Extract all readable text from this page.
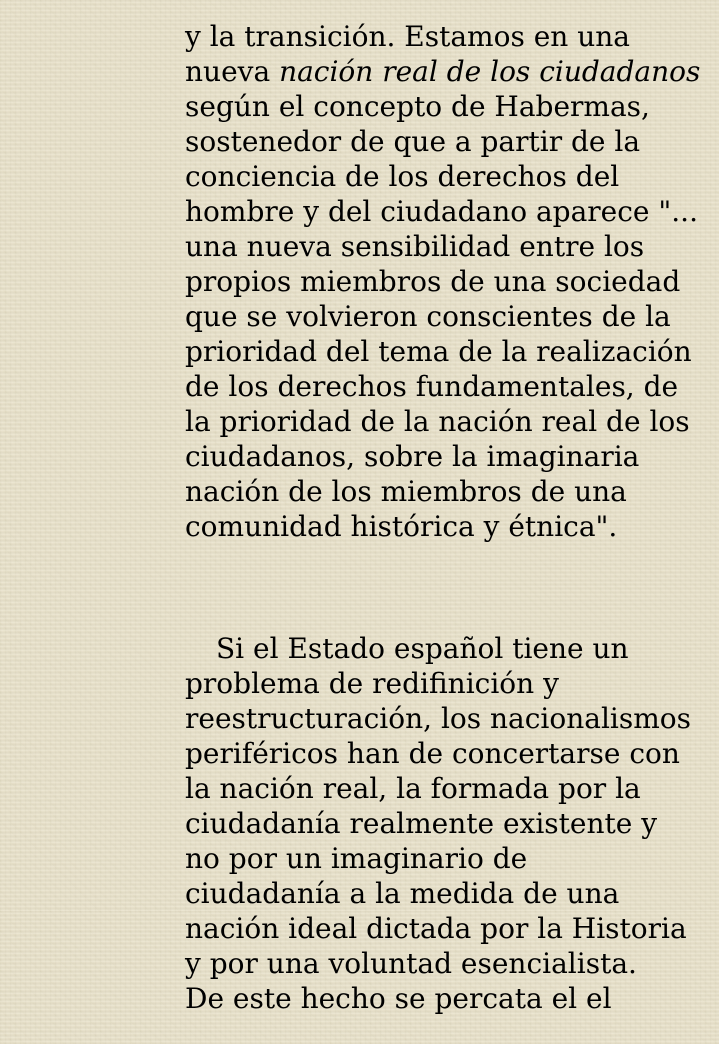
y la transición. Estamos en una
nueva nación real de los ciudadanos
según el concepto de Habermas,
sostenedor de que a partir de la
conciencia de los derechos del
hombre y del ciudadano aparece "...
una nueva sensibilidad entre los
propios miembros de una sociedad
que se volvieron conscientes de la
prioridad del tema de la realización
de los derechos fundamentales, de
la prioridad de la nación real de los
ciudadanos, sobre la imaginaria
nación de los miembros de una
comunidad histórica y étnica".

Si el Estado español tiene un
problema de redifinición y
reestructuración, los nacionalismos
periféricos han de concertarse con
la nación real, la formada por la
ciudadanía realmente existente y
no por un imaginario de
ciudadanía a la medida de una
nación ideal dictada por la Historia
y por una voluntad esencialista.
De este hecho se percata el el
